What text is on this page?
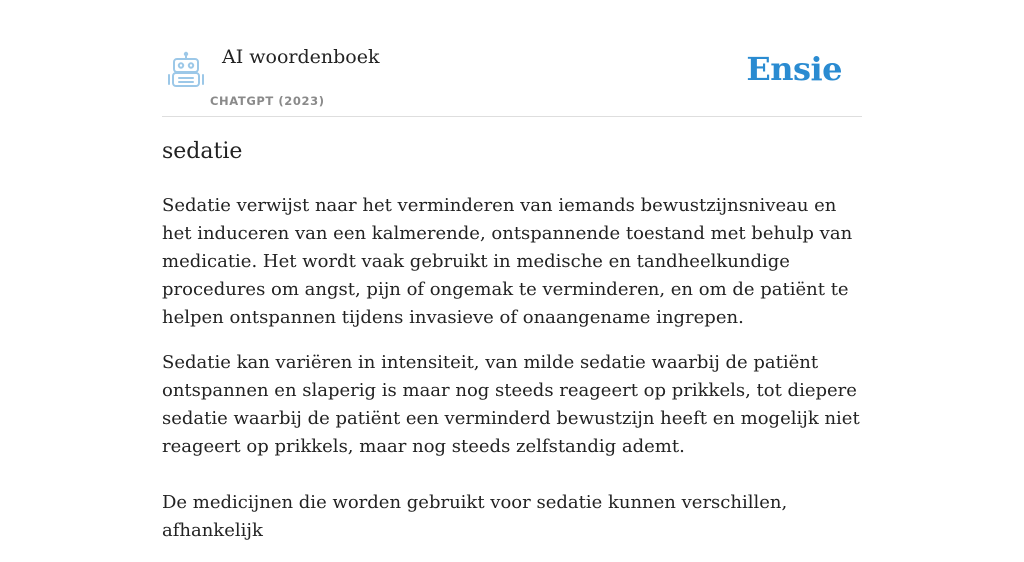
AI woordenboek
CHATGPT (2023)
Ensie
sedatie

Sedatie verwijst naar het verminderen van iemands bewustzijnsniveau en het induceren van een kalmerende, ontspannende toestand met behulp van medicatie. Het wordt vaak gebruikt in medische en tandheelkundige procedures om angst, pijn of ongemak te verminderen, en om de patiënt te helpen ontspannen tijdens invasieve of onaangename ingrepen.

Sedatie kan variëren in intensiteit, van milde sedatie waarbij de patiënt ontspannen en slaperig is maar nog steeds reageert op prikkels, tot diepere sedatie waarbij de patiënt een verminderd bewustzijn heeft en mogelijk niet reageert op prikkels, maar nog steeds zelfstandig ademt.

De medicijnen die worden gebruikt voor sedatie kunnen verschillen, afhankelijk
